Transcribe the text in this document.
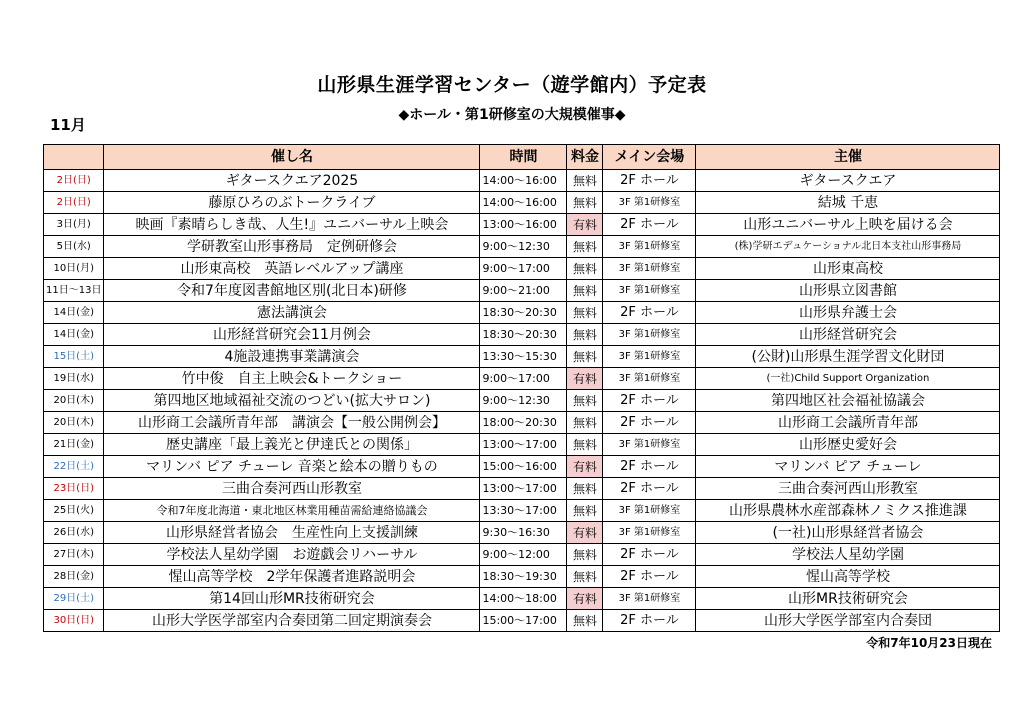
山形県生涯学習センター（遊学館内）予定表
◆ホール・第1研修室の大規模催事◆
11月
	催し名	時間	料金	メイン会場	主催
2日(日)	ギタースクエア2025	14:00～16:00	無料	2F ホール	ギタースクエア
2日(日)	藤原ひろのぶトークライブ	14:00～16:00	無料	3F 第1研修室	結城 千恵
3日(月)	映画『素晴らしき哉、人生!』ユニバーサル上映会	13:00～16:00	有料	2F ホール	山形ユニバーサル上映を届ける会
5日(水)	学研教室山形事務局　定例研修会	9:00～12:30	無料	3F 第1研修室	(株)学研エデュケーショナル北日本支社山形事務局
10日(月)	山形東高校　英語レベルアップ講座	9:00～17:00	無料	3F 第1研修室	山形東高校
11日～13日	令和7年度図書館地区別(北日本)研修	9:00～21:00	無料	3F 第1研修室	山形県立図書館
14日(金)	憲法講演会	18:30～20:30	無料	2F ホール	山形県弁護士会
14日(金)	山形経営研究会11月例会	18:30～20:30	無料	3F 第1研修室	山形経営研究会
15日(土)	4施設連携事業講演会	13:30～15:30	無料	3F 第1研修室	(公財)山形県生涯学習文化財団
19日(水)	竹中俊　自主上映会&トークショー	9:00～17:00	有料	3F 第1研修室	(一社)Child Support Organization
20日(木)	第四地区地域福祉交流のつどい(拡大サロン)	9:00～12:30	無料	2F ホール	第四地区社会福祉協議会
20日(木)	山形商工会議所青年部　講演会【一般公開例会】	18:00～20:30	無料	2F ホール	山形商工会議所青年部
21日(金)	歴史講座「最上義光と伊達氏との関係」	13:00～17:00	無料	3F 第1研修室	山形歴史愛好会
22日(土)	マリンバ ピア チューレ 音楽と絵本の贈りもの	15:00～16:00	有料	2F ホール	マリンバ ピア チューレ
23日(日)	三曲合奏河西山形教室	13:00～17:00	無料	2F ホール	三曲合奏河西山形教室
25日(火)	令和7年度北海道・東北地区林業用種苗需給連絡協議会	13:30～17:00	無料	3F 第1研修室	山形県農林水産部森林ノミクス推進課
26日(水)	山形県経営者協会　生産性向上支援訓練	9:30～16:30	有料	3F 第1研修室	(一社)山形県経営者協会
27日(木)	学校法人星幼学園　お遊戯会リハーサル	9:00～12:00	無料	2F ホール	学校法人星幼学園
28日(金)	惺山高等学校　2学年保護者進路説明会	18:30～19:30	無料	2F ホール	惺山高等学校
29日(土)	第14回山形MR技術研究会	14:00～18:00	有料	3F 第1研修室	山形MR技術研究会
30日(日)	山形大学医学部室内合奏団第二回定期演奏会	15:00～17:00	無料	2F ホール	山形大学医学部室内合奏団
令和7年10月23日現在
